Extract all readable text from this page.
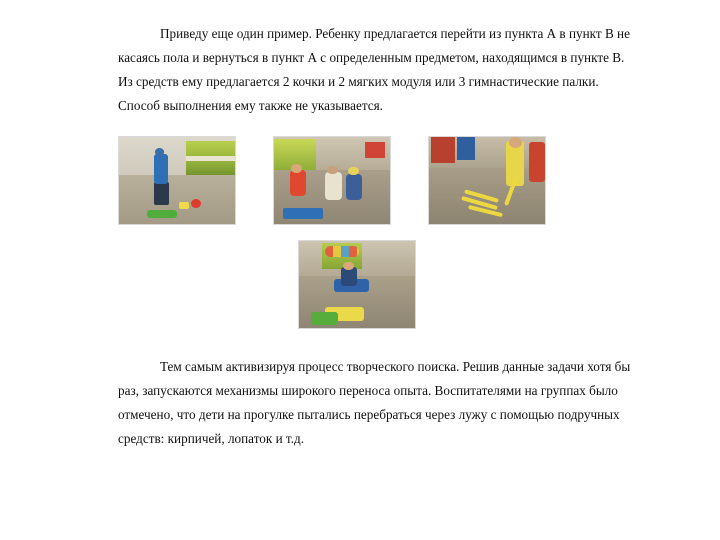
Приведу еще один пример. Ребенку предлагается перейти из пункта А в пункт В не касаясь пола и вернуться в пункт А с определенным предметом, находящимся в пункте В. Из средств ему предлагается 2 кочки и 2 мягких модуля или 3 гимнастические палки. Способ выполнения ему также не указывается.

Тем самым активизируя процесс творческого поиска. Решив данные задачи хотя бы раз, запускаются механизмы широкого переноса опыта. Воспитателями на группах было отмечено, что дети на прогулке пытались перебраться через лужу с помощью подручных средств: кирпичей, лопаток и т.д.
